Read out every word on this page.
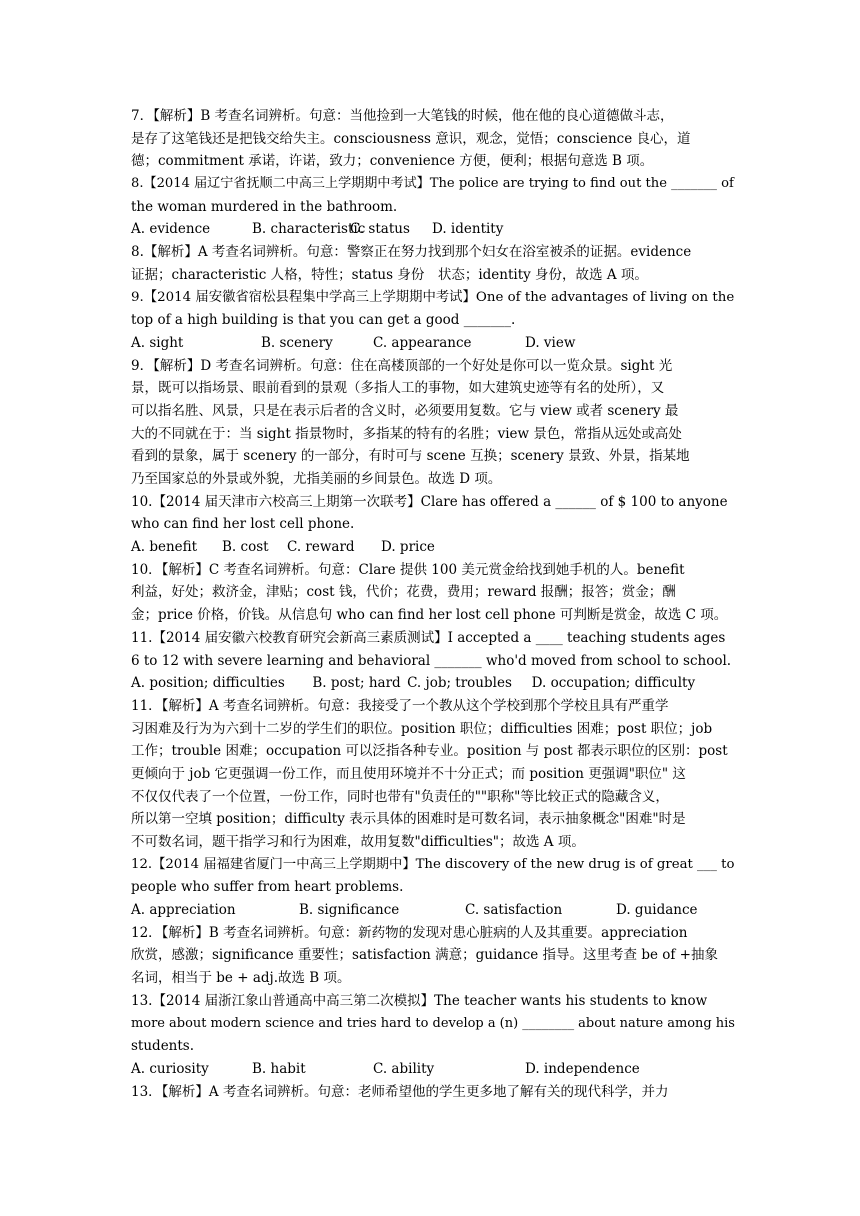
7．【解析】B 考查名词辨析。句意：当他捡到一大笔钱的时候，他在他的良心道德做斗志，
是存了这笔钱还是把钱交给失主。consciousness 意识，观念，觉悟；conscience 良心，道
德；commitment 承诺，许诺，致力；convenience 方便，便利；根据句意选 B 项。
8.【2014 届辽宁省抚顺二中高三上学期期中考试】The police are trying to find out the _______ of
the woman murdered in the bathroom.
A. evidence	B. characteristic
C. status	D. identity
8.【解析】A 考查名词辨析。句意：警察正在努力找到那个妇女在浴室被杀的证据。evidence
证据；characteristic 人格，特性；status 身份　状态；identity 身份，故选 A 项。
9.【2014 届安徽省宿松县程集中学高三上学期期中考试】One of the advantages of living on the
top of a high building is that you can get a good _______.
A. sight	B. scenery	C. appearance	D. view
9．【解析】D 考查名词辨析。句意：住在高楼顶部的一个好处是你可以一览众景。sight 光
景，既可以指场景、眼前看到的景观（多指人工的事物，如大建筑史迹等有名的处所），又
可以指名胜、风景，只是在表示后者的含义时，必须要用复数。它与 view 或者 scenery 最
大的不同就在于：当 sight 指景物时，多指某的特有的名胜；view 景色，常指从远处或高处
看到的景象，属于 scenery 的一部分，有时可与 scene 互换；scenery 景致、外景，指某地
乃至国家总的外景或外貌，尤指美丽的乡间景色。故选 D 项。
10.【2014 届天津市六校高三上期第一次联考】Clare has offered a ______ of $ 100 to anyone
who can find her lost cell phone.
A. benefit	B. cost	C. reward	D. price
10．【解析】C 考查名词辨析。句意：Clare 提供 100 美元赏金给找到她手机的人。benefit
利益，好处；救济金，津贴；cost 钱，代价；花费，费用；reward 报酬；报答；赏金；酬
金；price 价格，价钱。从信息句 who can find her lost cell phone 可判断是赏金，故选 C 项。
11.【2014 届安徽六校教育研究会新高三素质测试】I accepted a ____ teaching students ages
6 to 12 with severe learning and behavioral _______ who'd moved from school to school.
A. position; difficulties	B. post; hard C. job; troubles	D. occupation; difficulty
11．【解析】A 考查名词辨析。句意：我接受了一个教从这个学校到那个学校且具有严重学
习困难及行为为六到十二岁的学生们的职位。position 职位；difficulties 困难；post 职位；job
工作；trouble 困难；occupation 可以泛指各种专业。position 与 post 都表示职位的区别：post
更倾向于 job 它更强调一份工作，而且使用环境并不十分正式；而 position 更强调"职位" 这
不仅仅代表了一个位置，一份工作，同时也带有"负责任的""职称"等比较正式的隐藏含义，
所以第一空填 position；difficulty 表示具体的困难时是可数名词，表示抽象概念"困难"时是
不可数名词，题干指学习和行为困难，故用复数"difficulties"；故选 A 项。
12.【2014 届福建省厦门一中高三上学期期中】The discovery of the new drug is of great ___ to
people who suffer from heart problems.
A. appreciation	B. significance	C. satisfaction	D. guidance
12．【解析】B 考查名词辨析。句意：新药物的发现对患心脏病的人及其重要。appreciation
欣赏，感激；significance 重要性；satisfaction 满意；guidance 指导。这里考查 be of +抽象
名词，相当于 be + adj.故选 B 项。
13.【2014 届浙江象山普通高中高三第二次模拟】The teacher wants his students to know
more about modern science and tries hard to develop a (n) ________ about nature among his
students.
A. curiosity	B. habit	C. ability	D. independence
13．【解析】A 考查名词辨析。句意：老师希望他的学生更多地了解有关的现代科学，并力
